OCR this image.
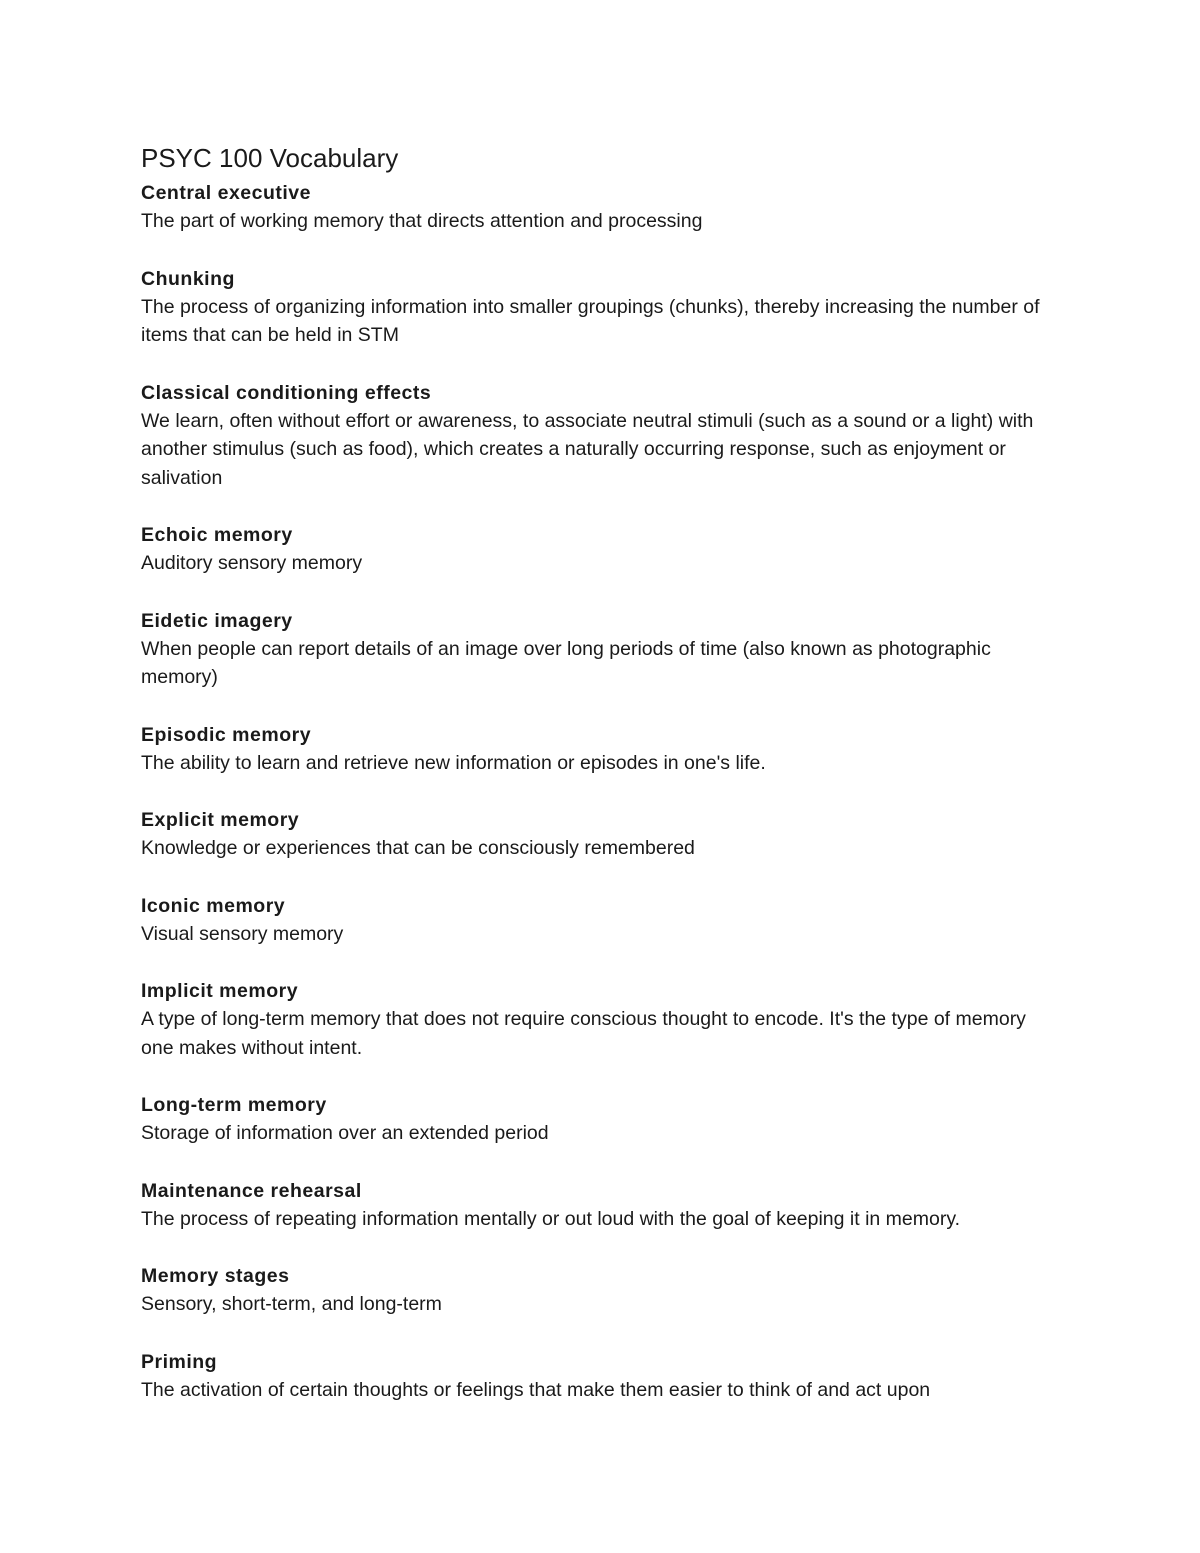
PSYC 100 Vocabulary

Central executive

The part of working memory that directs attention and processing

Chunking

The process of organizing information into smaller groupings (chunks), thereby increasing the number of items that can be held in STM

Classical conditioning effects

We learn, often without effort or awareness, to associate neutral stimuli (such as a sound or a light) with another stimulus (such as food), which creates a naturally occurring response, such as enjoyment or salivation

Echoic memory

Auditory sensory memory

Eidetic imagery

When people can report details of an image over long periods of time (also known as photographic memory)

Episodic memory

The ability to learn and retrieve new information or episodes in one's life.

Explicit memory

Knowledge or experiences that can be consciously remembered

Iconic memory

Visual sensory memory

Implicit memory

A type of long-term memory that does not require conscious thought to encode. It's the type of memory one makes without intent.

Long-term memory

Storage of information over an extended period

Maintenance rehearsal

The process of repeating information mentally or out loud with the goal of keeping it in memory.

Memory stages

Sensory, short-term, and long-term

Priming

The activation of certain thoughts or feelings that make them easier to think of and act upon
